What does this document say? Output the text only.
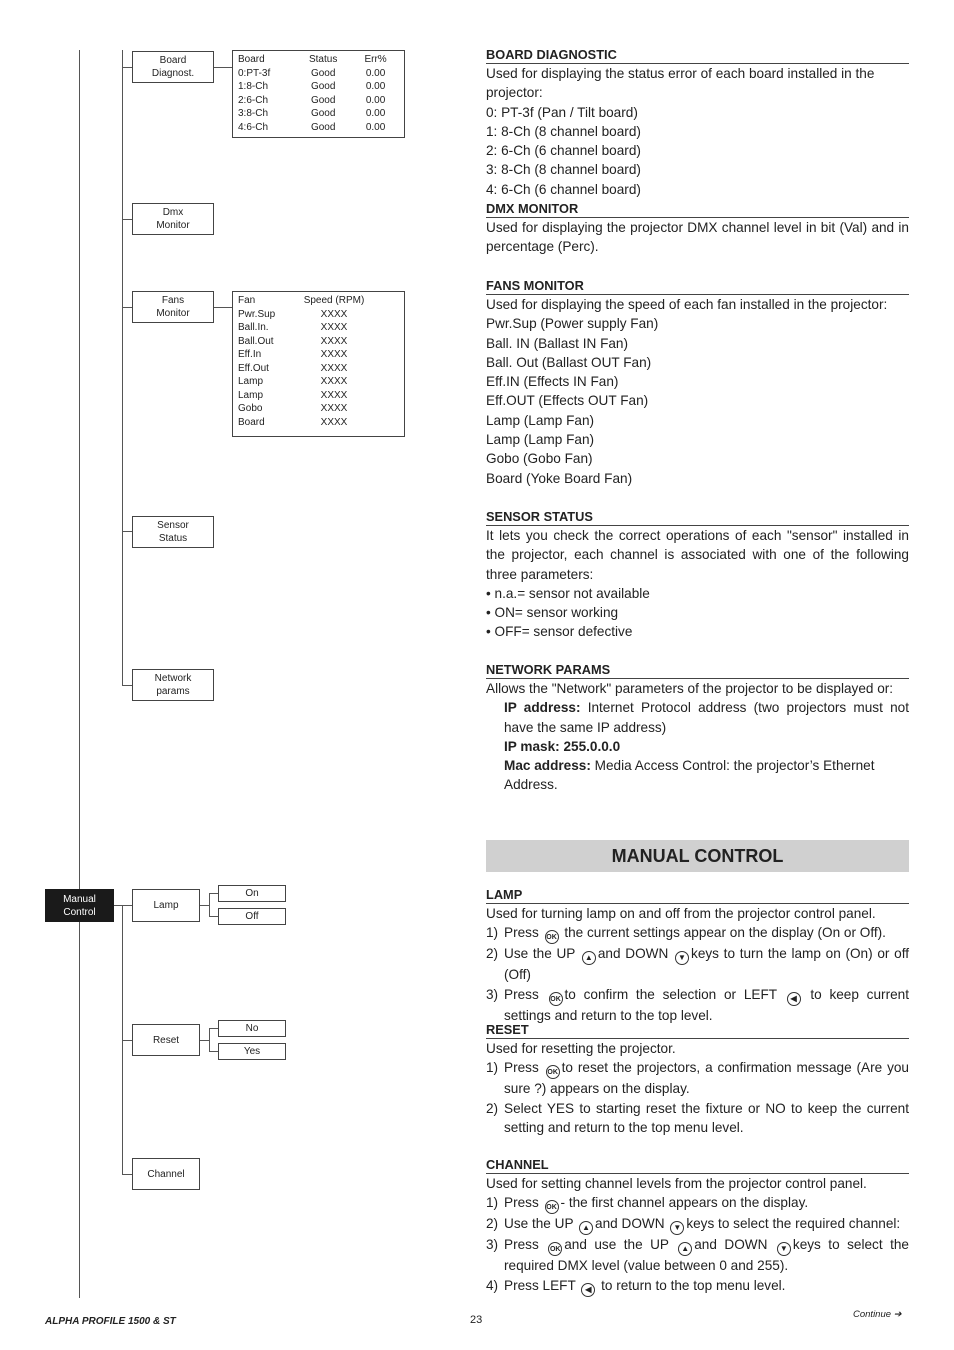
Board
Diagnost.
Dmx
Monitor
Fans
Monitor
Sensor
Status
Network
params
Board	Status	Err%
0:PT-3f	Good	0.00
1:8-Ch	Good	0.00
2:6-Ch	Good	0.00
3:8-Ch	Good	0.00
4:6-Ch	Good	0.00
Fan	Speed (RPM)
Pwr.Sup	XXXX
Ball.In.	XXXX
Ball.Out	XXXX
Eff.In	XXXX
Eff.Out	XXXX
Lamp	XXXX
Lamp	XXXX
Gobo	XXXX
Board	XXXX
Manual
Control
Lamp
Reset
Channel
On
Off
No
Yes
BOARD DIAGNOSTIC
Used for displaying the status error of each board installed in the projector:
0: PT-3f (Pan / Tilt board)
1: 8-Ch (8 channel board)
2: 6-Ch (6 channel board)
3: 8-Ch (8 channel board)
4: 6-Ch (6 channel board)
DMX MONITOR
Used for displaying the projector DMX channel level in bit (Val) and in percentage (Perc).
FANS MONITOR
Used for displaying the speed of each fan installed in the projector:
Pwr.Sup (Power supply Fan)
Ball. IN (Ballast IN Fan)
Ball. Out (Ballast OUT Fan)
Eff.IN (Effects IN Fan)
Eff.OUT (Effects OUT Fan)
Lamp (Lamp Fan)
Lamp (Lamp Fan)
Gobo (Gobo Fan)
Board (Yoke Board Fan)
SENSOR STATUS
It lets you check the correct operations of each "sensor" installed in the projector, each channel is associated with one of the following three parameters:
• n.a.= sensor not available
• ON= sensor working
• OFF= sensor defective
NETWORK PARAMS
Allows the "Network" parameters of the projector to be displayed or:
IP address: Internet Protocol address (two projectors must not have the same IP address)
IP mask: 255.0.0.0
Mac address: Media Access Control: the projector’s Ethernet Address.
MANUAL CONTROL
LAMP
Used for turning lamp on and off from the projector control panel.
1) Press OK the current settings appear on the display (On or Off).
2) Use the UP ▲ and DOWN ▼ keys to turn the lamp on (On) or off (Off)
3) Press OK to confirm the selection or LEFT ◀ to keep current settings and return to the top level.
RESET
Used for resetting the projector.
1) Press OK to reset the projectors, a confirmation message (Are you sure ?) appears on the display.
2) Select YES to starting reset the fixture or NO to keep the current setting and return to the top menu level.
CHANNEL
Used for setting channel levels from the projector control panel.
1) Press OK - the first channel appears on the display.
2) Use the UP ▲ and DOWN ▼ keys to select the required channel:
3) Press OK and use the UP ▲ and DOWN ▼ keys to select the required DMX level (value between 0 and 255).
4) Press LEFT ◀ to return to the top menu level.
ALPHA PROFILE 1500 & ST	23	Continue ➔
